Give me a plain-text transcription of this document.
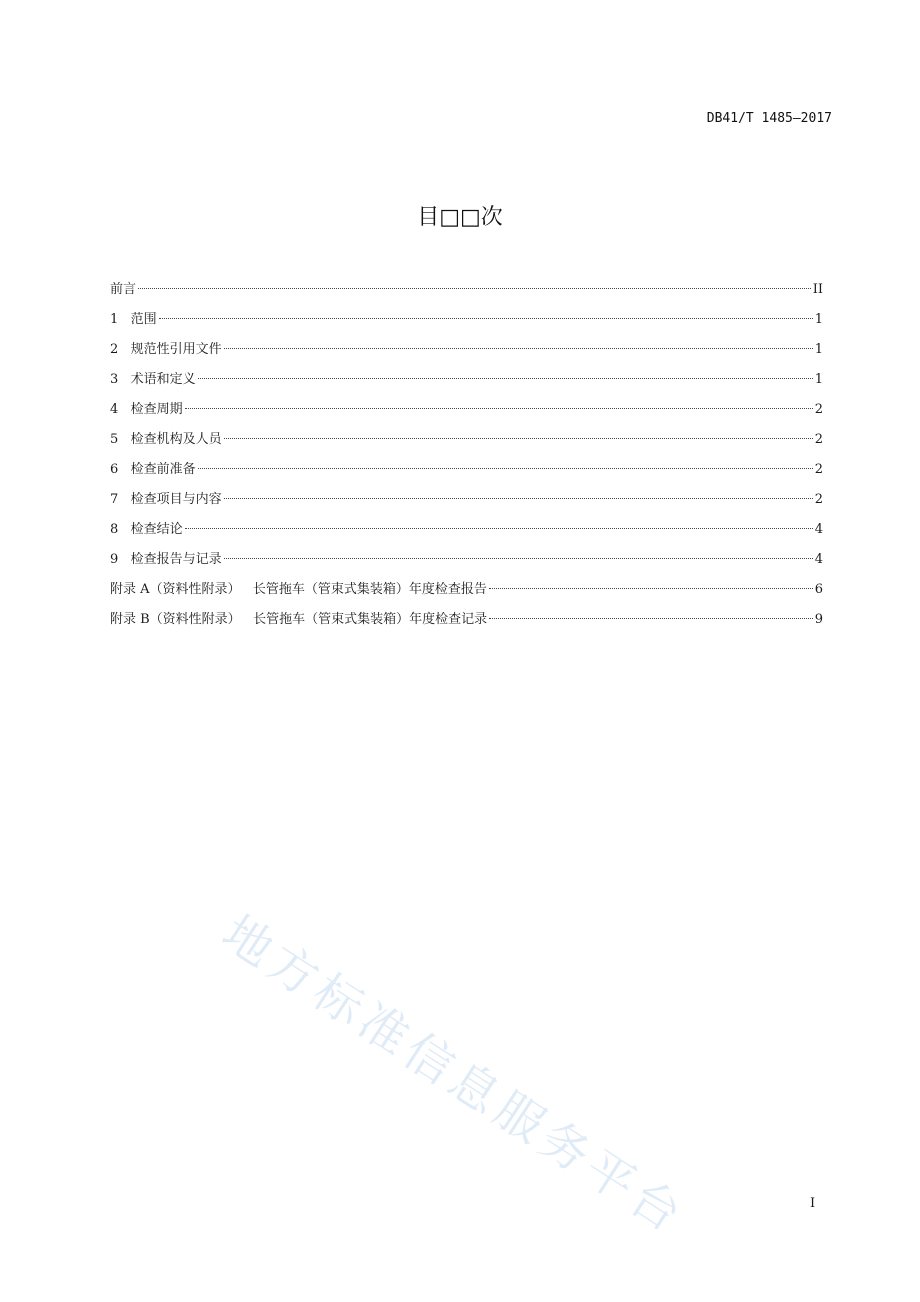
DB41/T 1485—2017
目□□次
前言	II
1   范围	1
2   规范性引用文件	1
3   术语和定义	1
4   检查周期	2
5   检查机构及人员	2
6   检查前准备	2
7   检查项目与内容	2
8   检查结论	4
9   检查报告与记录	4
附录 A（资料性附录）   长管拖车（管束式集装箱）年度检查报告	6
附录 B（资料性附录）   长管拖车（管束式集装箱）年度检查记录	9
地方标准信息服务平台	I
